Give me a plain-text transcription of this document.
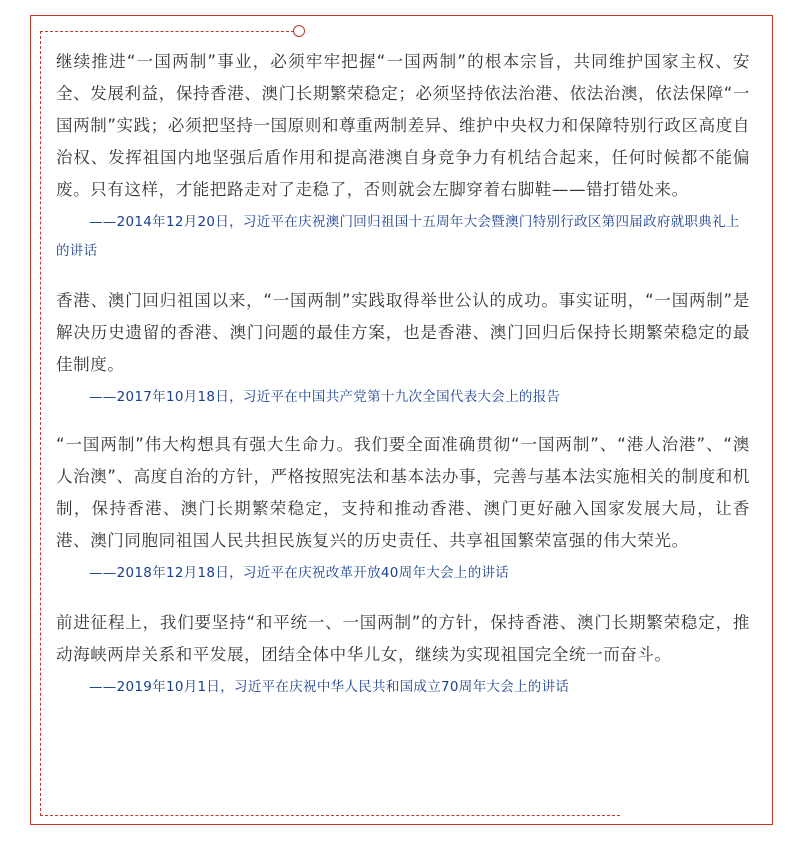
继续推进“一国两制”事业，必须牢牢把握“一国两制”的根本宗旨，共同维护国家主权、安全、发展利益，保持香港、澳门长期繁荣稳定；必须坚持依法治港、依法治澳，依法保障“一国两制”实践；必须把坚持一国原则和尊重两制差异、维护中央权力和保障特别行政区高度自治权、发挥祖国内地坚强后盾作用和提高港澳自身竞争力有机结合起来，任何时候都不能偏废。只有这样，才能把路走对了走稳了，否则就会左脚穿着右脚鞋——错打错处来。

——2014年12月20日，习近平在庆祝澳门回归祖国十五周年大会暨澳门特别行政区第四届政府就职典礼上的讲话

香港、澳门回归祖国以来，“一国两制”实践取得举世公认的成功。事实证明，“一国两制”是解决历史遗留的香港、澳门问题的最佳方案，也是香港、澳门回归后保持长期繁荣稳定的最佳制度。

——2017年10月18日，习近平在中国共产党第十九次全国代表大会上的报告

“一国两制”伟大构想具有强大生命力。我们要全面准确贯彻“一国两制”、“港人治港”、“澳人治澳”、高度自治的方针，严格按照宪法和基本法办事，完善与基本法实施相关的制度和机制，保持香港、澳门长期繁荣稳定，支持和推动香港、澳门更好融入国家发展大局，让香港、澳门同胞同祖国人民共担民族复兴的历史责任、共享祖国繁荣富强的伟大荣光。

——2018年12月18日，习近平在庆祝改革开放40周年大会上的讲话

前进征程上，我们要坚持“和平统一、一国两制”的方针，保持香港、澳门长期繁荣稳定，推动海峡两岸关系和平发展，团结全体中华儿女，继续为实现祖国完全统一而奋斗。

——2019年10月1日，习近平在庆祝中华人民共和国成立70周年大会上的讲话
